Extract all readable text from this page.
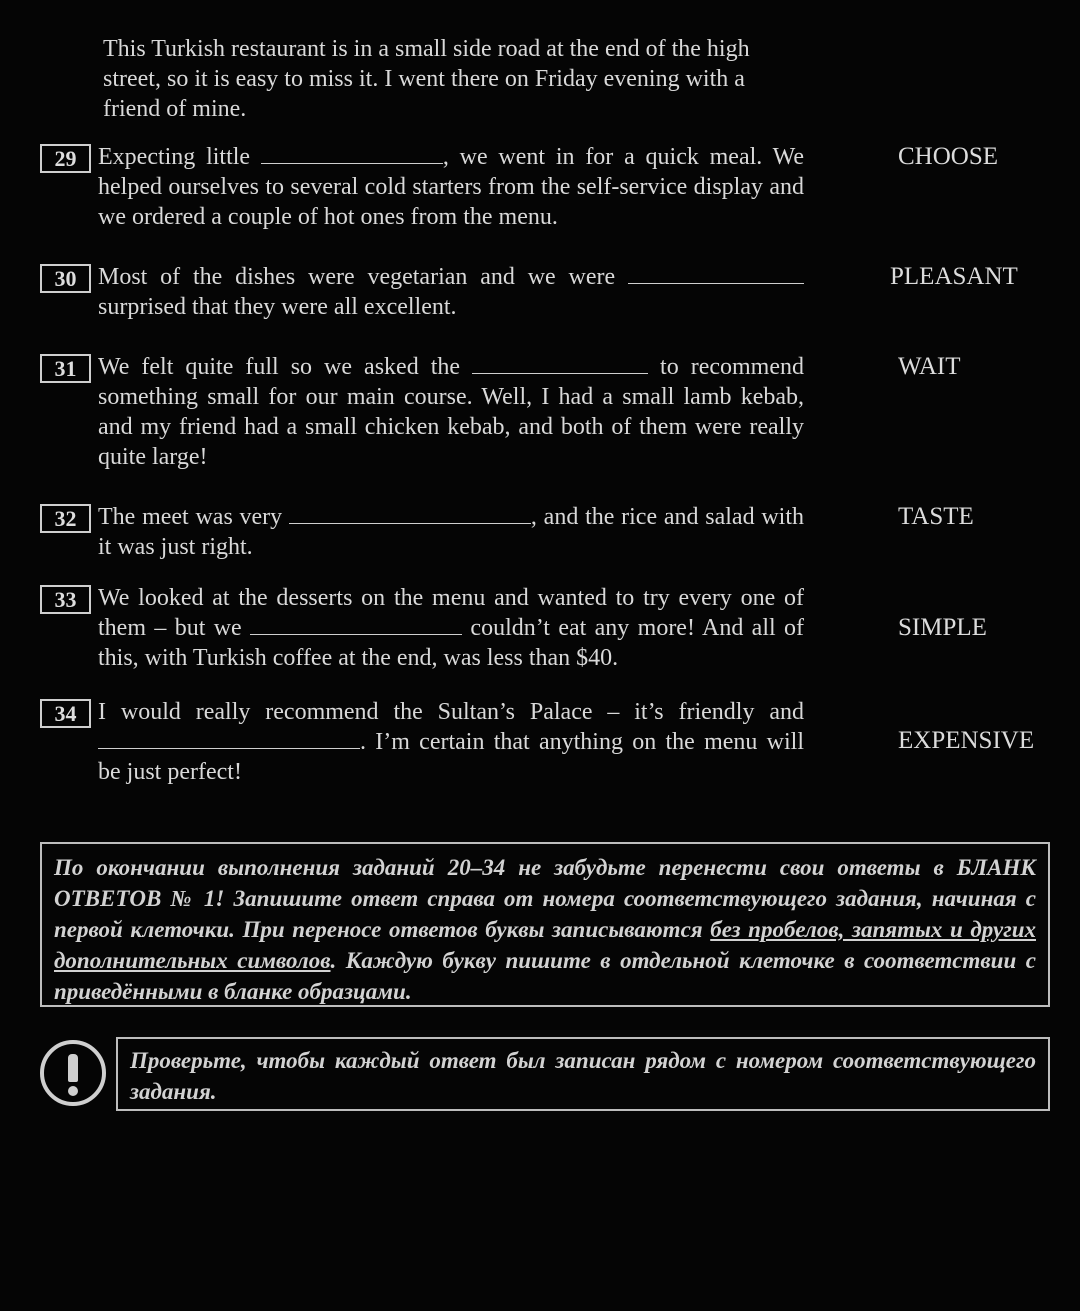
This Turkish restaurant is in a small side road at the end of the high street, so it is easy to miss it. I went there on Friday evening with a friend of mine.
29 Expecting little	, we went in for a quick meal. We helped ourselves to several cold starters from the self-service display and we ordered a couple of hot ones from the menu.
CHOOSE
30 Most of the dishes were vegetarian and we were  surprised that they were all excellent.
PLEASANT
31 We felt quite full so we asked the	to recommend something small for our main course. Well, I had a small lamb kebab, and my friend had a small chicken kebab, and both of them were really quite large!
WAIT
32 The meet was very	, and the rice and salad with it was just right.
TASTE
33 We looked at the desserts on the menu and wanted to try every one of them – but we	couldn’t eat any more! And all of this, with Turkish coffee at the end, was less than $40.
SIMPLE
34 I would really recommend the Sultan’s Palace – it’s friendly and . I’m certain that anything on the menu will be just perfect!
EXPENSIVE
По окончании выполнения заданий 20–34 не забудьте перенести свои ответы в БЛАНК ОТВЕТОВ № 1! Запишите ответ справа от номера соответствующего задания, начиная с первой клеточки. При переносе ответов буквы записываются без пробелов, запятых и других дополнительных символов. Каждую букву пишите в отдельной клеточке в соответствии с приведёнными в бланке образцами.
Проверьте, чтобы каждый ответ был записан рядом с номером соответствующего задания.
